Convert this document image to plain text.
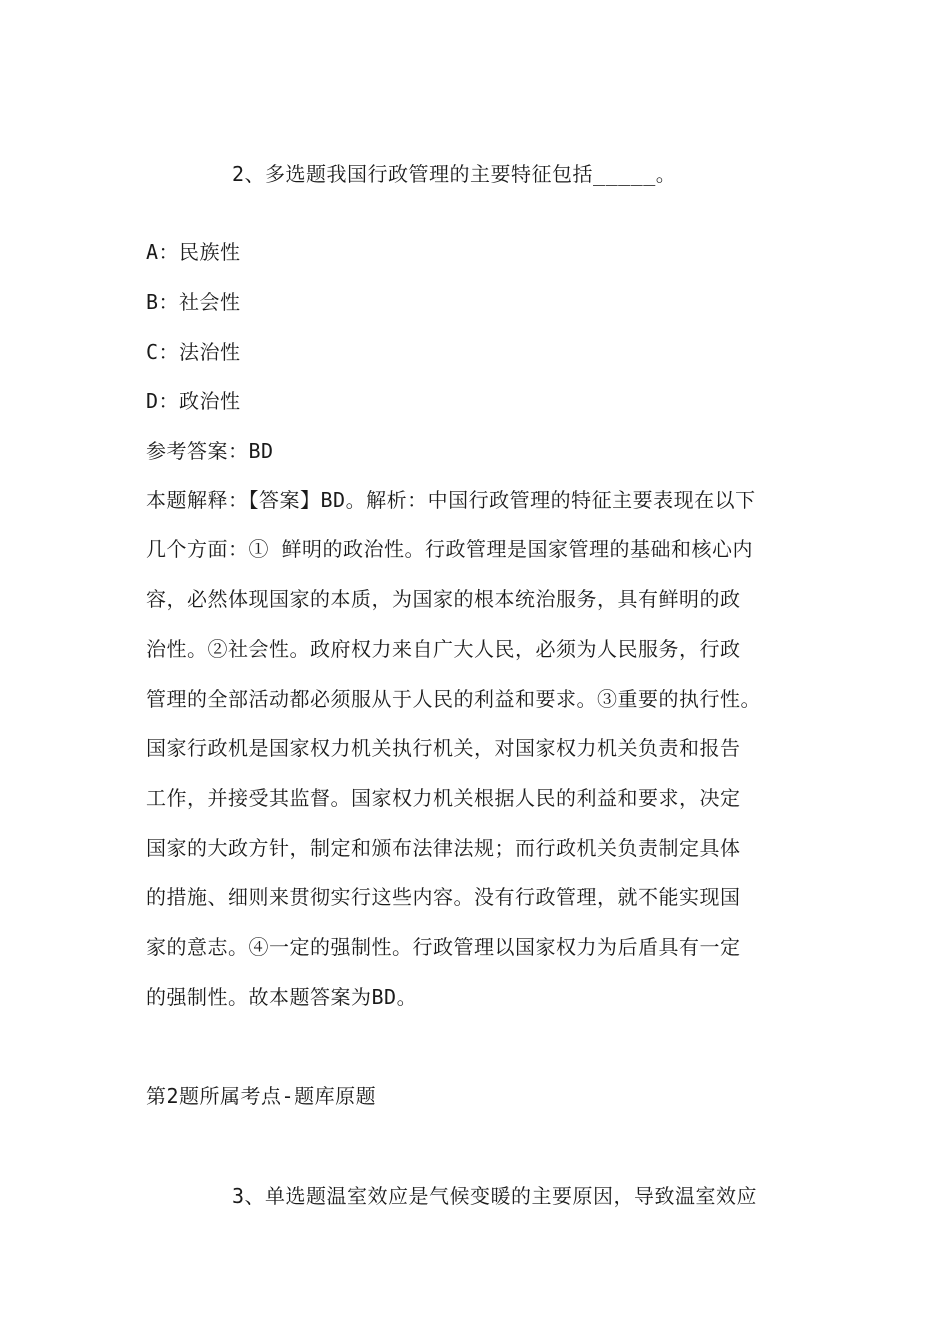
2、多选题我国行政管理的主要特征包括_____。
A：民族性
B：社会性
C：法治性
D：政治性
参考答案：BD
本题解释：【答案】BD。解析：中国行政管理的特征主要表现在以下
几个方面：① 鲜明的政治性。行政管理是国家管理的基础和核心内
容，必然体现国家的本质，为国家的根本统治服务，具有鲜明的政
治性。②社会性。政府权力来自广大人民，必须为人民服务，行政
管理的全部活动都必须服从于人民的利益和要求。③重要的执行性。
国家行政机是国家权力机关执行机关，对国家权力机关负责和报告
工作，并接受其监督。国家权力机关根据人民的利益和要求，决定
国家的大政方针，制定和颁布法律法规；而行政机关负责制定具体
的措施、细则来贯彻实行这些内容。没有行政管理，就不能实现国
家的意志。④一定的强制性。行政管理以国家权力为后盾具有一定
的强制性。故本题答案为BD。
第2题所属考点-题库原题
3、单选题温室效应是气候变暖的主要原因，导致温室效应
